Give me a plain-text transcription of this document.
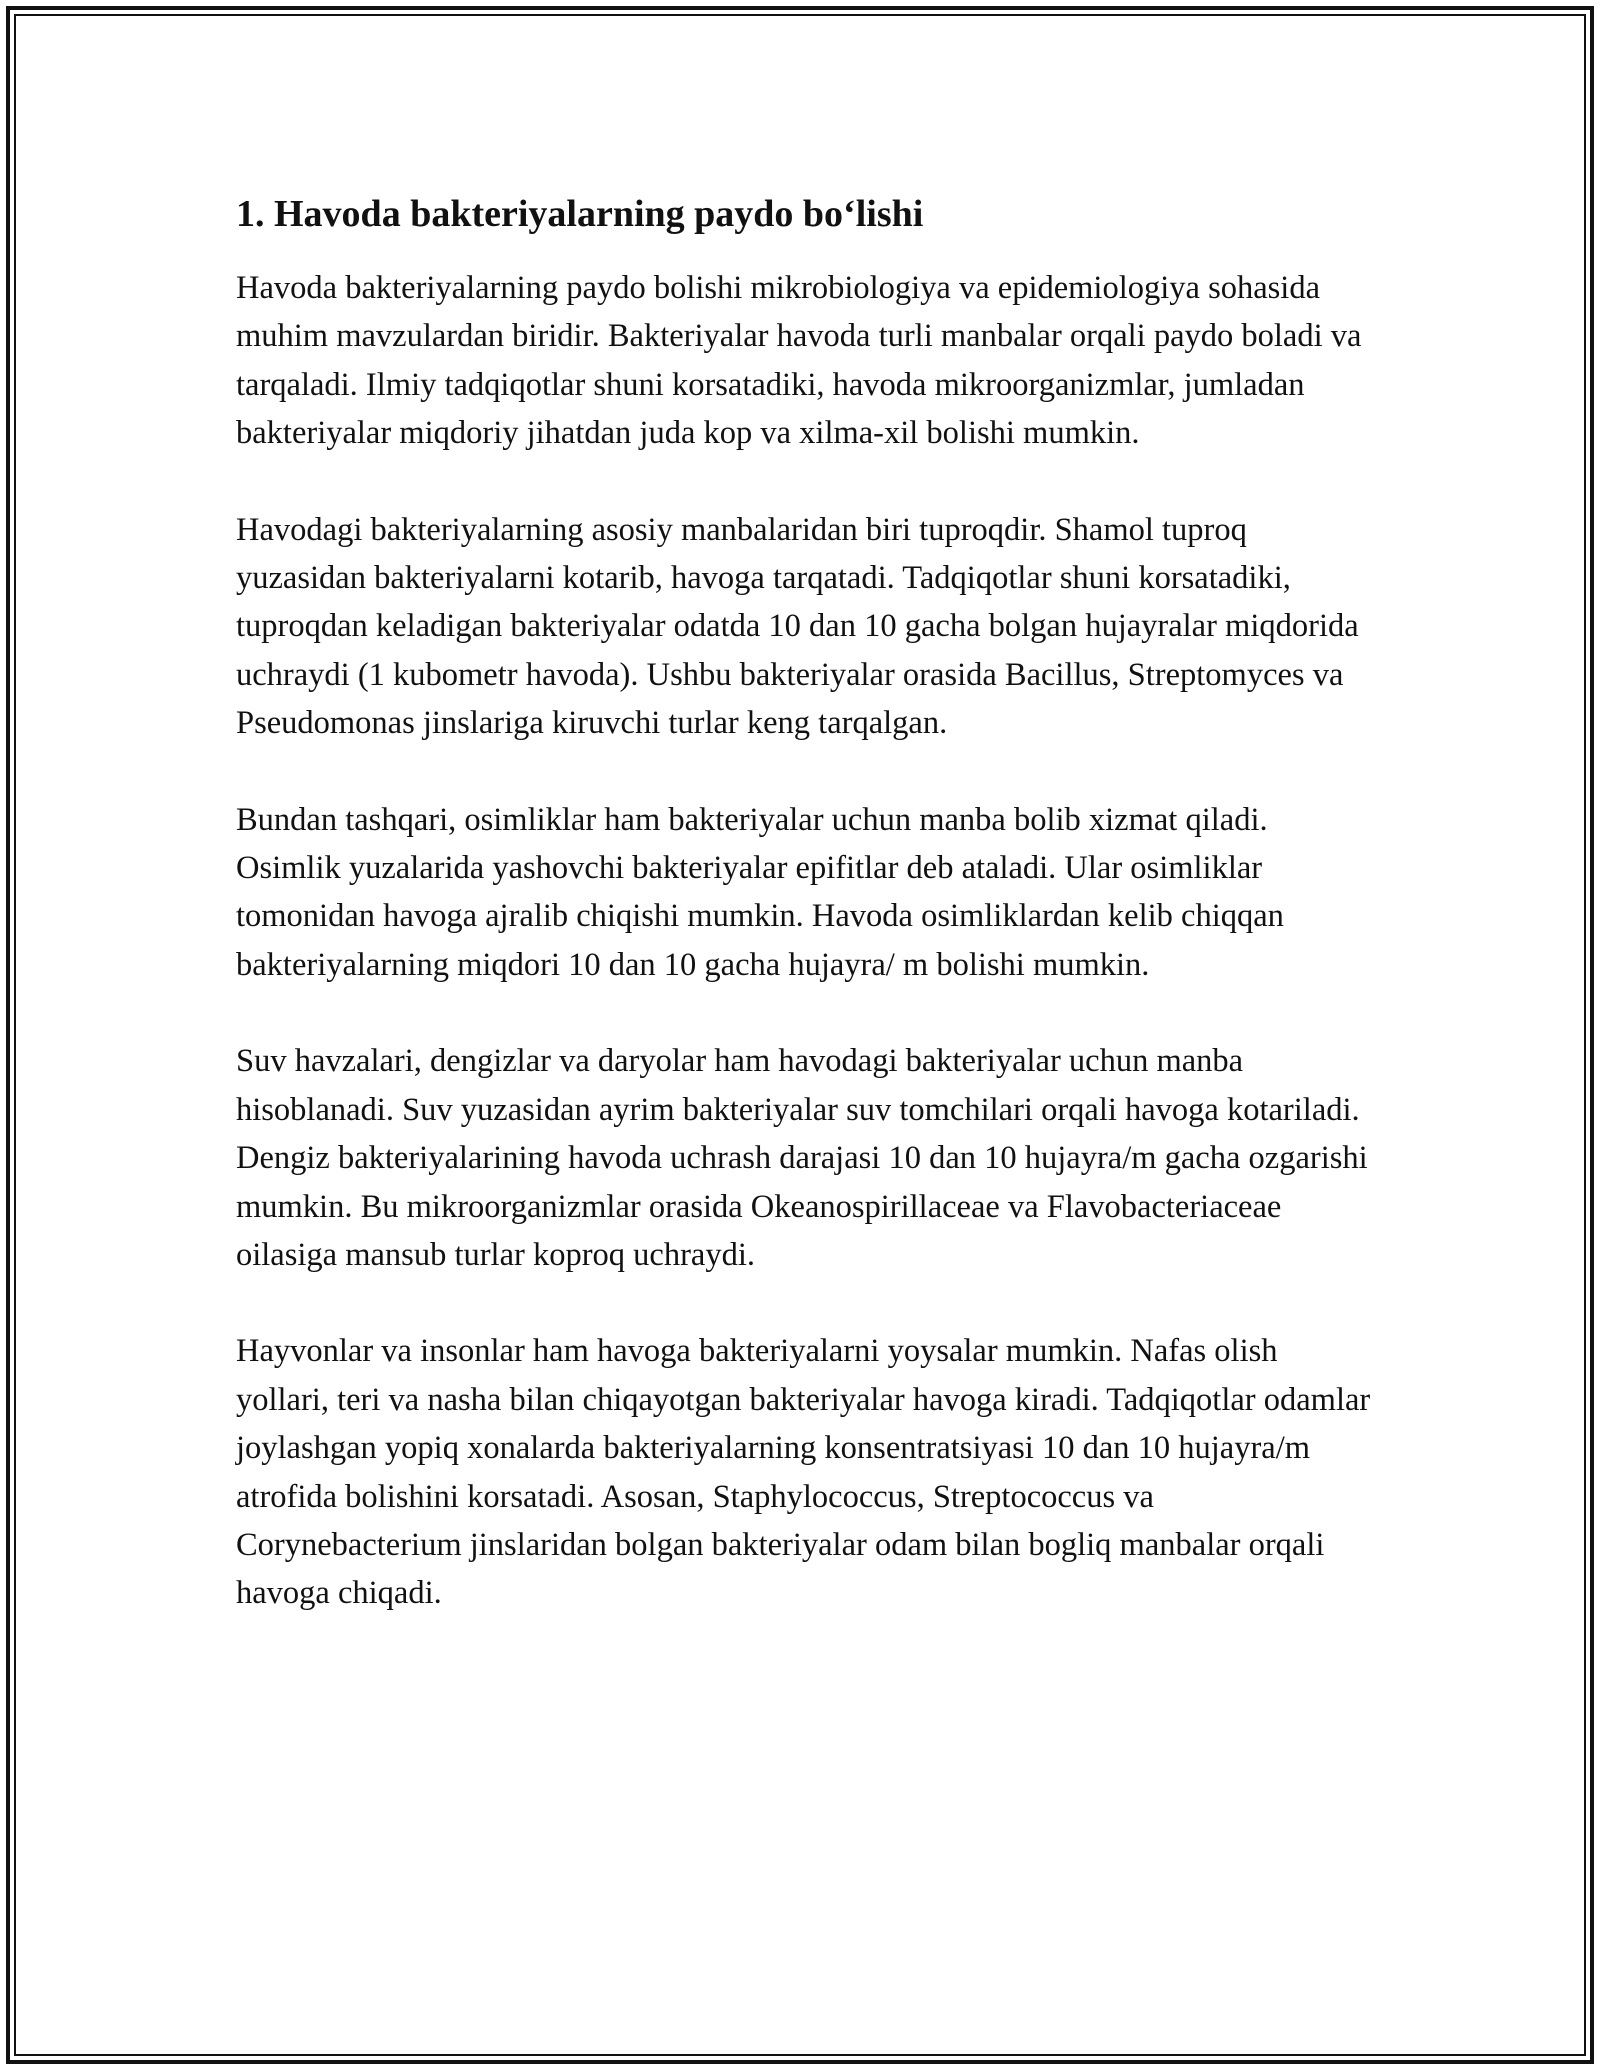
1. Havoda bakteriyalarning paydo bo‘lishi

Havoda bakteriyalarning paydo bolishi mikrobiologiya va epidemiologiya sohasida muhim mavzulardan biridir. Bakteriyalar havoda turli manbalar orqali paydo boladi va tarqaladi. Ilmiy tadqiqotlar shuni korsatadiki, havoda mikroorganizmlar, jumladan bakteriyalar miqdoriy jihatdan juda kop va xilma-xil bolishi mumkin.

Havodagi bakteriyalarning asosiy manbalaridan biri tuproqdir. Shamol tuproq yuzasidan bakteriyalarni kotarib, havoga tarqatadi. Tadqiqotlar shuni korsatadiki, tuproqdan keladigan bakteriyalar odatda 10 dan 10 gacha bolgan hujayralar miqdorida uchraydi (1 kubometr havoda). Ushbu bakteriyalar orasida Bacillus, Streptomyces va Pseudomonas jinslariga kiruvchi turlar keng tarqalgan.

Bundan tashqari, osimliklar ham bakteriyalar uchun manba bolib xizmat qiladi. Osimlik yuzalarida yashovchi bakteriyalar epifitlar deb ataladi. Ular osimliklar tomonidan havoga ajralib chiqishi mumkin. Havoda osimliklardan kelib chiqqan bakteriyalarning miqdori 10 dan 10 gacha hujayra/ m bolishi mumkin.

Suv havzalari, dengizlar va daryolar ham havodagi bakteriyalar uchun manba hisoblanadi. Suv yuzasidan ayrim bakteriyalar suv tomchilari orqali havoga kotariladi. Dengiz bakteriyalarining havoda uchrash darajasi 10 dan 10 hujayra/m gacha ozgarishi mumkin. Bu mikroorganizmlar orasida Okeanospirillaceae va Flavobacteriaceae oilasiga mansub turlar koproq uchraydi.

Hayvonlar va insonlar ham havoga bakteriyalarni yoysalar mumkin. Nafas olish yollari, teri va nasha bilan chiqayotgan bakteriyalar havoga kiradi. Tadqiqotlar odamlar joylashgan yopiq xonalarda bakteriyalarning konsentratsiyasi 10 dan 10 hujayra/m atrofida bolishini korsatadi. Asosan, Staphylococcus, Streptococcus va Corynebacterium jinslaridan bolgan bakteriyalar odam bilan bogliq manbalar orqali havoga chiqadi.
